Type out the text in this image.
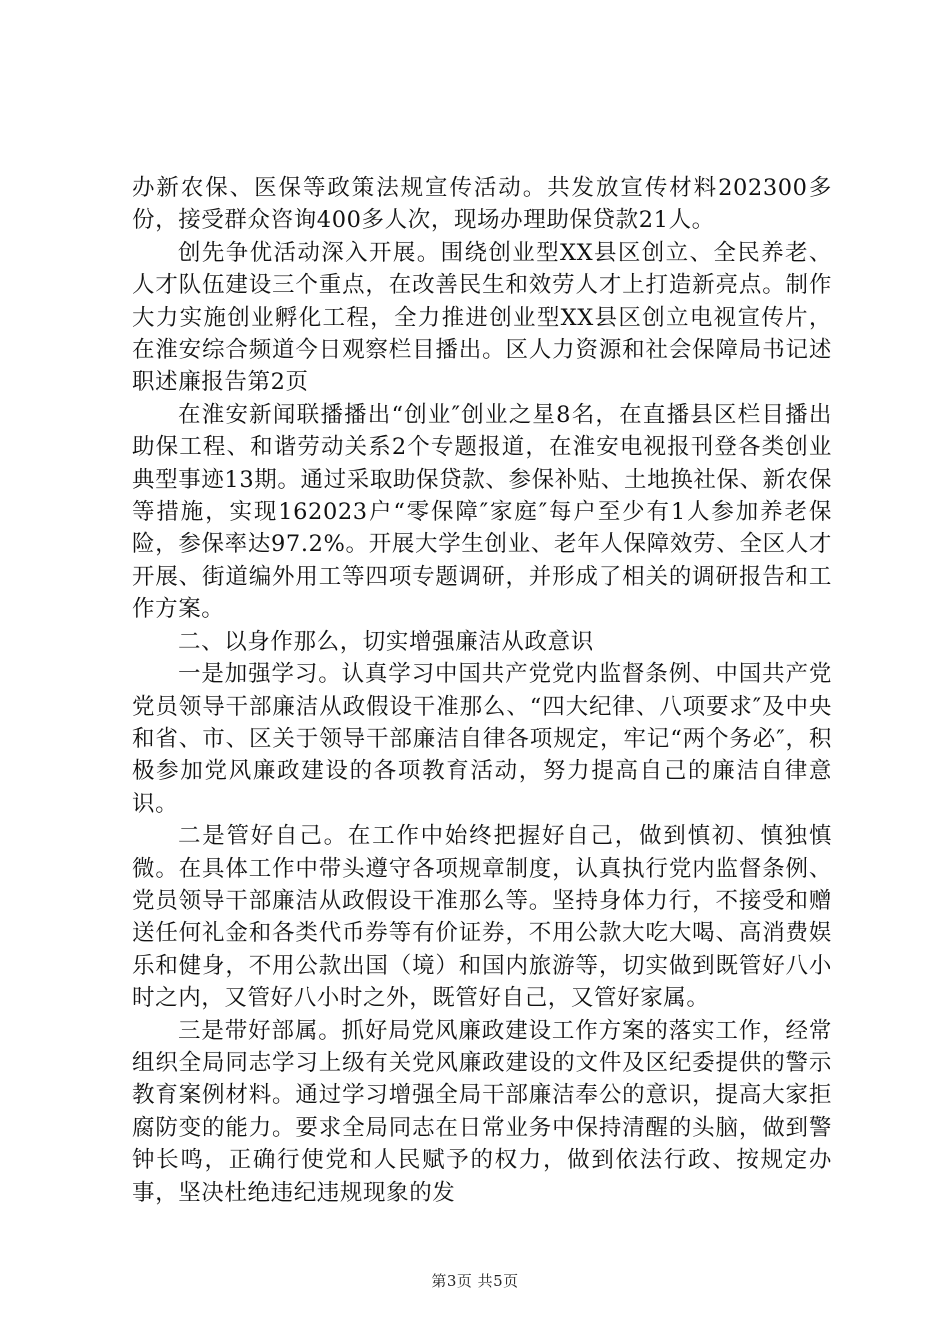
办新农保、医保等政策法规宣传活动。共发放宣传材料202300多份，接受群众咨询400多人次，现场办理助保贷款21人。

创先争优活动深入开展。围绕创业型XX县区创立、全民养老、人才队伍建设三个重点，在改善民生和效劳人才上打造新亮点。制作大力实施创业孵化工程，全力推进创业型XX县区创立电视宣传片，在淮安综合频道今日观察栏目播出。区人力资源和社会保障局书记述职述廉报告第2页

在淮安新闻联播播出“创业″创业之星8名，在直播县区栏目播出助保工程、和谐劳动关系2个专题报道，在淮安电视报刊登各类创业典型事迹13期。通过采取助保贷款、参保补贴、土地换社保、新农保等措施，实现162023户“零保障″家庭″每户至少有1人参加养老保险，参保率达97.2%。开展大学生创业、老年人保障效劳、全区人才开展、街道编外用工等四项专题调研，并形成了相关的调研报告和工作方案。

二、以身作那么，切实增强廉洁从政意识

一是加强学习。认真学习中国共产党党内监督条例、中国共产党党员领导干部廉洁从政假设干准那么、“四大纪律、八项要求″及中央和省、市、区关于领导干部廉洁自律各项规定，牢记“两个务必″，积极参加党风廉政建设的各项教育活动，努力提高自己的廉洁自律意识。

二是管好自己。在工作中始终把握好自己，做到慎初、慎独慎微。在具体工作中带头遵守各项规章制度，认真执行党内监督条例、党员领导干部廉洁从政假设干准那么等。坚持身体力行，不接受和赠送任何礼金和各类代币券等有价证券，不用公款大吃大喝、高消费娱乐和健身，不用公款出国（境）和国内旅游等，切实做到既管好八小时之内，又管好八小时之外，既管好自己，又管好家属。

三是带好部属。抓好局党风廉政建设工作方案的落实工作，经常组织全局同志学习上级有关党风廉政建设的文件及区纪委提供的警示教育案例材料。通过学习增强全局干部廉洁奉公的意识，提高大家拒腐防变的能力。要求全局同志在日常业务中保持清醒的头脑，做到警钟长鸣，正确行使党和人民赋予的权力，做到依法行政、按规定办事，坚决杜绝违纪违规现象的发

第3页 共5页
